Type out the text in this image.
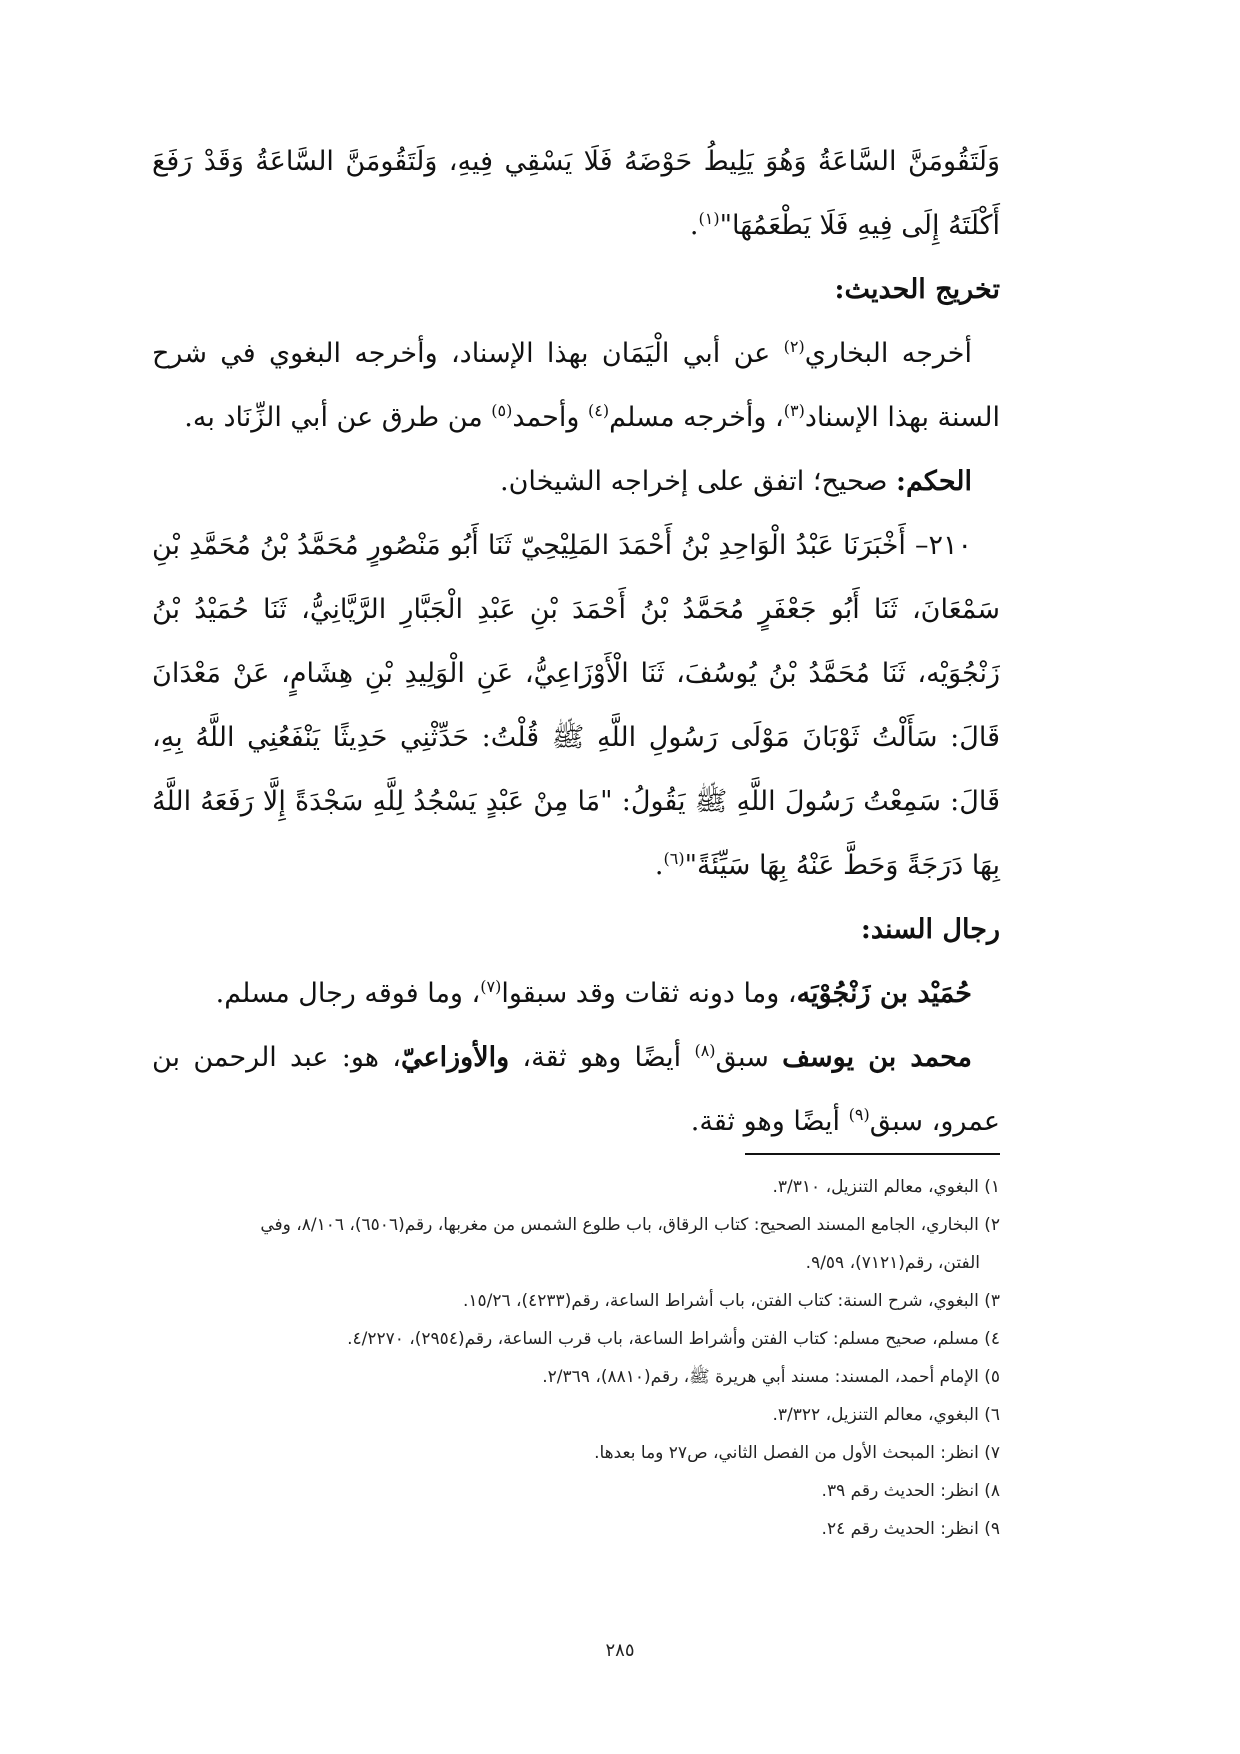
وَلَتَقُومَنَّ السَّاعَةُ وَهُوَ يَلِيطُ حَوْضَهُ فَلَا يَسْقِي فِيهِ، وَلَتَقُومَنَّ السَّاعَةُ وَقَدْ رَفَعَ أَكْلَتَهُ إِلَى فِيهِ فَلَا يَطْعَمُهَا"$^{(١)}$.

تخريج الحديث:

أخرجه البخاري$^{(٢)}$ عن أبي الْيَمَان بهذا الإسناد، وأخرجه البغوي في شرح السنة بهذا الإسناد$^{(٣)}$، وأخرجه مسلم$^{(٤)}$ وأحمد$^{(٥)}$ من طرق عن أبي الزِّنَاد به.

الحكم: صحيح؛ اتفق على إخراجه الشيخان.

٢١٠– أَخْبَرَنَا عَبْدُ الْوَاحِدِ بْنُ أَحْمَدَ المَلِيْحِيّ ثَنَا أَبُو مَنْصُورٍ مُحَمَّدُ بْنُ مُحَمَّدِ بْنِ سَمْعَانَ، ثَنَا أَبُو جَعْفَرٍ مُحَمَّدُ بْنُ أَحْمَدَ بْنِ عَبْدِ الْجَبَّارِ الرَّيَّانِيُّ، ثَنَا حُمَيْدُ بْنُ زَنْجُوَيْه، ثَنَا مُحَمَّدُ بْنُ يُوسُفَ، ثَنَا الْأَوْزَاعِيُّ، عَنِ الْوَلِيدِ بْنِ هِشَامٍ، عَنْ مَعْدَانَ قَالَ: سَأَلْتُ ثَوْبَانَ مَوْلَى رَسُولِ اللَّهِ ﷺ قُلْتُ: حَدِّثْنِي حَدِيثًا يَنْفَعُنِي اللَّهُ بِهِ، قَالَ: سَمِعْتُ رَسُولَ اللَّهِ ﷺ يَقُولُ: "مَا مِنْ عَبْدٍ يَسْجُدُ لِلَّهِ سَجْدَةً إِلَّا رَفَعَهُ اللَّهُ بِهَا دَرَجَةً وَحَطَّ عَنْهُ بِهَا سَيِّئَةً"$^{(٦)}$.

رجال السند:

حُمَيْد بن زَنْجُوْيَه، وما دونه ثقات وقد سبقوا$^{(٧)}$، وما فوقه رجال مسلم.

محمد بن يوسف سبق$^{(٨)}$ أيضًا وهو ثقة، والأوزاعيّ، هو: عبد الرحمن بن عمرو، سبق$^{(٩)}$ أيضًا وهو ثقة.

١) البغوي، معالم التنزيل، ٣/٣١٠.

٢) البخاري، الجامع المسند الصحيح: كتاب الرقاق، باب طلوع الشمس من مغربها، رقم(٦٥٠٦)، ٨/١٠٦، وفي
الفتن، رقم(٧١٢١)، ٩/٥٩.

٣) البغوي، شرح السنة: كتاب الفتن، باب أشراط الساعة، رقم(٤٢٣٣)، ١٥/٢٦.

٤) مسلم، صحيح مسلم: كتاب الفتن وأشراط الساعة، باب قرب الساعة، رقم(٢٩٥٤)، ٤/٢٢٧٠.

٥) الإمام أحمد، المسند: مسند أبي هريرة ﷺ، رقم(٨٨١٠)، ٢/٣٦٩.

٦) البغوي، معالم التنزيل، ٣/٣٢٢.

٧) انظر: المبحث الأول من الفصل الثاني، ص٢٧ وما بعدها.

٨) انظر: الحديث رقم ٣٩.

٩) انظر: الحديث رقم ٢٤.

٢٨٥
